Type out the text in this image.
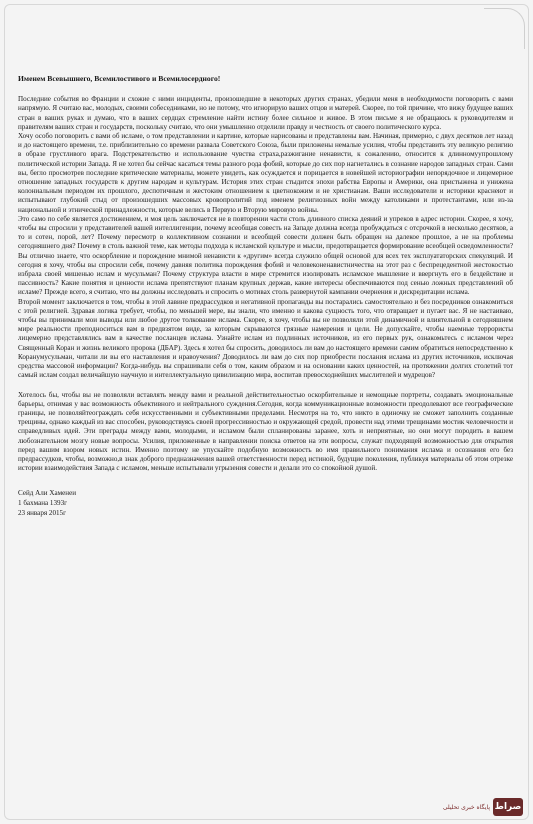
Именем Всевышнего, Всемилостивого и Всемилосердного!

Последние события во Франции и схожие с ними инциденты, произошедшие в некоторых других странах, убедили меня в необходимости поговорить с вами напрямую. Я считаю вас, молодых, своими собеседниками, но не потому, что игнорирую ваших отцов и матерей. Скорее, по той причине, что вижу будущее ваших стран в ваших руках и думаю, что в ваших сердцах стремление найти истину более сильное и живое. В этом письме я не обращаюсь к руководителям и правителям ваших стран и государств, поскольку считаю, что они умышленно отделили правду и честность от своего политического курса.

Хочу особо поговорить с вами об исламе, о том представлении и картине, которые нарисованы и представлены вам. Начиная, примерно, с двух десятков лет назад и до настоящего времени, т.е. приблизительно со времени развала Советского Союза, были приложены немалые усилия, чтобы представить эту великую религию в образе грустливого врага. Подстрекательство и использование чувства страха,разжигание ненависти, к сожалению, относится к длинномуупрошлому политической истории Запада. Я не хотел бы сейчас касаться темы разного рода фобий, которые до сих пор нагнетались в сознание народов западных стран. Сами вы, бегло просмотрев последние критические материалы, можете увидеть, как осуждается и порицается в новейшей историографии непорядочное и лицемерное отношение западных государств к другим народам и культурам. История этих стран стыдится эпохи рабства Европы и Америки, она пристыжена и унижена колониальным периодом их прошлого, деспотичным и жестоким отношением к цветнокожим и не христианам. Ваши исследователи и историки краснеют и испытывают глубокий стыд от произошедших массовых кровопролитий под именем религиозных войн между католиками и протестантами, или из-за национальной и этнической принадлежности, которые велись в Первую и Вторую мировую войны.

Это само по себе является достижением, и моя цель заключается не в повторении части столь длинного списка деяний и упреков в адрес истории. Скорее, я хочу, чтобы вы спросили у представителей вашей интеллигенции, почему всеобщая совесть на Западе должна всегда пробуждаться с отсрочкой в несколько десятков, а то и сотен, порой, лет? Почему пересмотр в коллективном сознании и всеобщей совести должен быть обращен на далекое прошлое, а не на проблемы сегодняшнего дня? Почему в столь важной теме, как методы подхода к исламской культуре и мысли, предотвращается формирование всеобщей осведомленности? Вы отлично знаете, что оскорбление и порождение мнимой ненависти к «другим» всегда служило общей основой для всех тех эксплуататорских спекуляций. И сегодня я хочу, чтобы вы спросили себя, почему давняя политика порождения фобий и человеконенавистничества на этот раз с беспрецедентной жестокостью избрала своей мишенью ислам и мусульман? Почему структура власти в мире стремится изолировать исламское мышление и ввергнуть его в бездействие и пассивность? Какие понятия и ценности ислама препятствуют планам крупных держав, какие интересы обеспечиваются под сенью ложных представлений об исламе? Прежде всего, я считаю, что вы должны исследовать и спросить о мотивах столь развернутой кампании очернения и дискредитации ислама.

Второй момент заключается в том, чтобы в этой лавине предрассудков и негативной пропаганды вы постарались самостоятельно и без посредников ознакомиться с этой религией. Здравая логика требует, чтобы, по меньшей мере, вы знали, что именно и какова сущность того, что отвращает и пугает вас. Я не настаиваю, чтобы вы принимали мои выводы или любое другое толкование ислама. Скорее, я хочу, чтобы вы не позволяли этой динамичной и влиятельной в сегодняшнем мире реальности преподноситься вам в предвзятом виде, за которым скрываются грязные намерения и цели. Не допускайте, чтобы наемные террористы лицемерно представлялись вам в качестве посланцев ислама. Узнайте ислам из подлинных источников, из его первых рук, ознакомьтесь с исламом через Священный Коран и жизнь великого пророка (ДБАР). Здесь я хотел бы спросить, доводилось ли вам до настоящего времени самим обратиться непосредственно к Коранумусульман, читали ли вы его наставления и нравоучения? Доводилось ли вам до сих пор приобрести послания ислама из других источников, исключая средства массовой информации? Когда-нибудь вы спрашивали себя о том, каким образом и на основании каких ценностей, на протяжении долгих столетий тот самый ислам создал величайшую научную и интеллектуальную цивилизацию мира, воспитав превосходнейших мыслителей и мудрецов?

Хотелось бы, чтобы вы не позволяли вставлять между вами и реальной действительностью оскорбительные и немощные портреты, создавать эмоциональные барьеры, отнимая у вас возможность объективного и нейтрального суждения.Сегодня, когда коммуникационные возможности преодолевают все географические границы, не позволяйтеограждать себя искусственными и субъективными пределами. Несмотря на то, что никто в одиночку не сможет заполнить созданные трещины, однако каждый из вас способен, руководствуясь своей прогрессивностью и окружающей средой, провести над этими трещинами мостик человечности и справедливых идей. Эти преграды между вами, молодыми, и исламом были спланированы заранее, хоть и неприятные, но они могут породить в вашем любознательном мозгу новые вопросы. Усилия, приложенные в направлении поиска ответов на эти вопросы, служат подходящей возможностью для открытия перед вашим взором новых истин. Именно поэтому не упускайте подобную возможность во имя правильного понимания ислама и осознания его без предрассудков, чтобы, возможно,в знак доброго предназначения вашей ответственности перед истиной, будущие поколения, публикуя материалы об этом отрезке истории взаимодействия Запада с исламом, меньше испытывали угрызения совести и делали это со спокойной душой.

Сейд Али Хаменеи
1 бахмана 1393г
23 января 2015г
پایگاه خبری تحلیلی صراط
